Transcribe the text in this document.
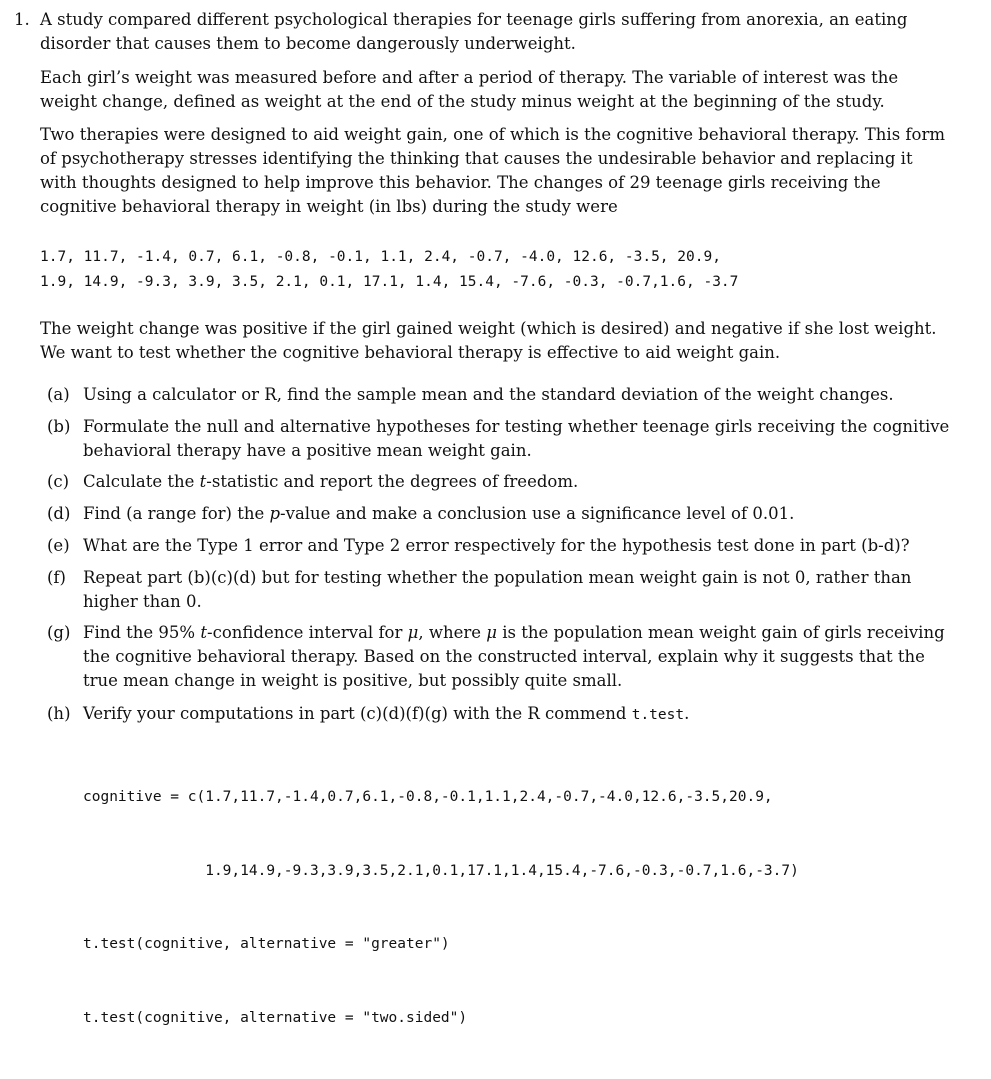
1. A study compared different psychological therapies for teenage girls suffering from anorexia, an eating disorder that causes them to become dangerously underweight.

Each girl’s weight was measured before and after a period of therapy. The variable of interest was the weight change, defined as weight at the end of the study minus weight at the beginning of the study.

Two therapies were designed to aid weight gain, one of which is the cognitive behavioral therapy. This form of psychotherapy stresses identifying the thinking that causes the undesirable behavior and replacing it with thoughts designed to help improve this behavior. The changes of 29 teenage girls receiving the cognitive behavioral therapy in weight (in lbs) during the study were

1.7, 11.7, -1.4, 0.7, 6.1, -0.8, -0.1, 1.1, 2.4, -0.7, -4.0, 12.6, -3.5, 20.9,
1.9, 14.9, -9.3, 3.9, 3.5, 2.1, 0.1, 17.1, 1.4, 15.4, -7.6, -0.3, -0.7,1.6, -3.7

The weight change was positive if the girl gained weight (which is desired) and negative if she lost weight. We want to test whether the cognitive behavioral therapy is effective to aid weight gain.

(a) Using a calculator or R, find the sample mean and the standard deviation of the weight changes.

(b) Formulate the null and alternative hypotheses for testing whether teenage girls receiving the cognitive behavioral therapy have a positive mean weight gain.

(c) Calculate the t-statistic and report the degrees of freedom.

(d) Find (a range for) the p-value and make a conclusion use a significance level of 0.01.

(e) What are the Type 1 error and Type 2 error respectively for the hypothesis test done in part (b-d)?

(f) Repeat part (b)(c)(d) but for testing whether the population mean weight gain is not 0, rather than higher than 0.

(g) Find the 95% t-confidence interval for μ, where μ is the population mean weight gain of girls receiving the cognitive behavioral therapy. Based on the constructed interval, explain why it suggests that the true mean change in weight is positive, but possibly quite small.

(h) Verify your computations in part (c)(d)(f)(g) with the R commend t.test.

cognitive = c(1.7,11.7,-1.4,0.7,6.1,-0.8,-0.1,1.1,2.4,-0.7,-4.0,12.6,-3.5,20.9,

1.9,14.9,-9.3,3.9,3.5,2.1,0.1,17.1,1.4,15.4,-7.6,-0.3,-0.7,1.6,-3.7)

t.test(cognitive, alternative = "greater")

t.test(cognitive, alternative = "two.sided")
